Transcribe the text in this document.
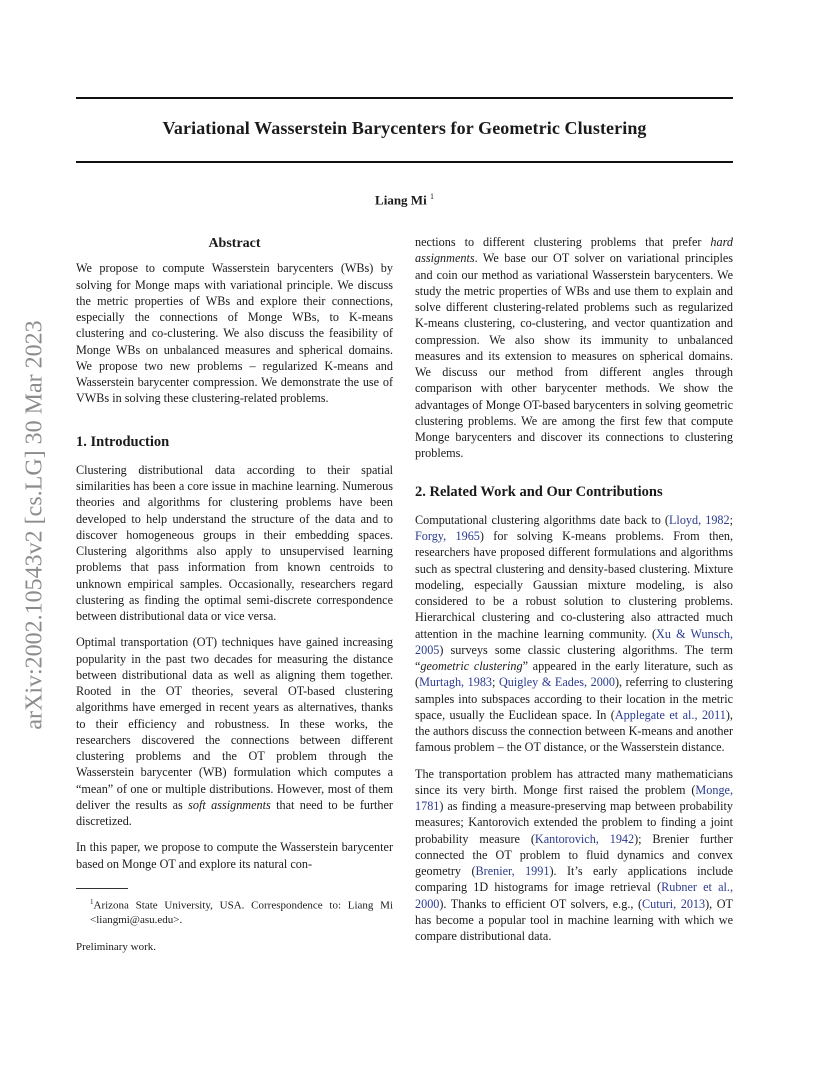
Variational Wasserstein Barycenters for Geometric Clustering
Liang Mi $^1$
arXiv:2002.10543v2 [cs.LG] 30 Mar 2023
Abstract

We propose to compute Wasserstein barycenters (WBs) by solving for Monge maps with variational principle. We discuss the metric properties of WBs and explore their connections, especially the connections of Monge WBs, to K-means clustering and co-clustering. We also discuss the feasibility of Monge WBs on unbalanced measures and spherical domains. We propose two new problems – regularized K-means and Wasserstein barycenter compression. We demonstrate the use of VWBs in solving these clustering-related problems.

1. Introduction

Clustering distributional data according to their spatial similarities has been a core issue in machine learning. Numerous theories and algorithms for clustering problems have been developed to help understand the structure of the data and to discover homogeneous groups in their embedding spaces. Clustering algorithms also apply to unsupervised learning problems that pass information from known centroids to unknown empirical samples. Occasionally, researchers regard clustering as finding the optimal semi-discrete correspondence between distributional data or vice versa.

Optimal transportation (OT) techniques have gained increasing popularity in the past two decades for measuring the distance between distributional data as well as aligning them together. Rooted in the OT theories, several OT-based clustering algorithms have emerged in recent years as alternatives, thanks to their efficiency and robustness. In these works, the researchers discovered the connections between different clustering problems and the OT problem through the Wasserstein barycenter (WB) formulation which computes a “mean” of one or multiple distributions. However, most of them deliver the results as soft assignments that need to be further discretized.

In this paper, we propose to compute the Wasserstein barycenter based on Monge OT and explore its natural con-

$^1$Arizona State University, USA. Correspondence to: Liang Mi <liangmi@asu.edu>.

Preliminary work.

nections to different clustering problems that prefer hard assignments. We base our OT solver on variational principles and coin our method as variational Wasserstein barycenters. We study the metric properties of WBs and use them to explain and solve different clustering-related problems such as regularized K-means clustering, co-clustering, and vector quantization and compression. We also show its immunity to unbalanced measures and its extension to measures on spherical domains. We discuss our method from different angles through comparison with other barycenter methods. We show the advantages of Monge OT-based barycenters in solving geometric clustering problems. We are among the first few that compute Monge barycenters and discover its connections to clustering problems.

2. Related Work and Our Contributions

Computational clustering algorithms date back to (Lloyd, 1982; Forgy, 1965) for solving K-means problems. From then, researchers have proposed different formulations and algorithms such as spectral clustering and density-based clustering. Mixture modeling, especially Gaussian mixture modeling, is also considered to be a robust solution to clustering problems. Hierarchical clustering and co-clustering also attracted much attention in the machine learning community. (Xu & Wunsch, 2005) surveys some classic clustering algorithms. The term “geometric clustering” appeared in the early literature, such as (Murtagh, 1983; Quigley & Eades, 2000), referring to clustering samples into subspaces according to their location in the metric space, usually the Euclidean space. In (Applegate et al., 2011), the authors discuss the connection between K-means and another famous problem – the OT distance, or the Wasserstein distance.

The transportation problem has attracted many mathematicians since its very birth. Monge first raised the problem (Monge, 1781) as finding a measure-preserving map between probability measures; Kantorovich extended the problem to finding a joint probability measure (Kantorovich, 1942); Brenier further connected the OT problem to fluid dynamics and convex geometry (Brenier, 1991). It’s early applications include comparing 1D histograms for image retrieval (Rubner et al., 2000). Thanks to efficient OT solvers, e.g., (Cuturi, 2013), OT has become a popular tool in machine learning with which we compare distributional data.
